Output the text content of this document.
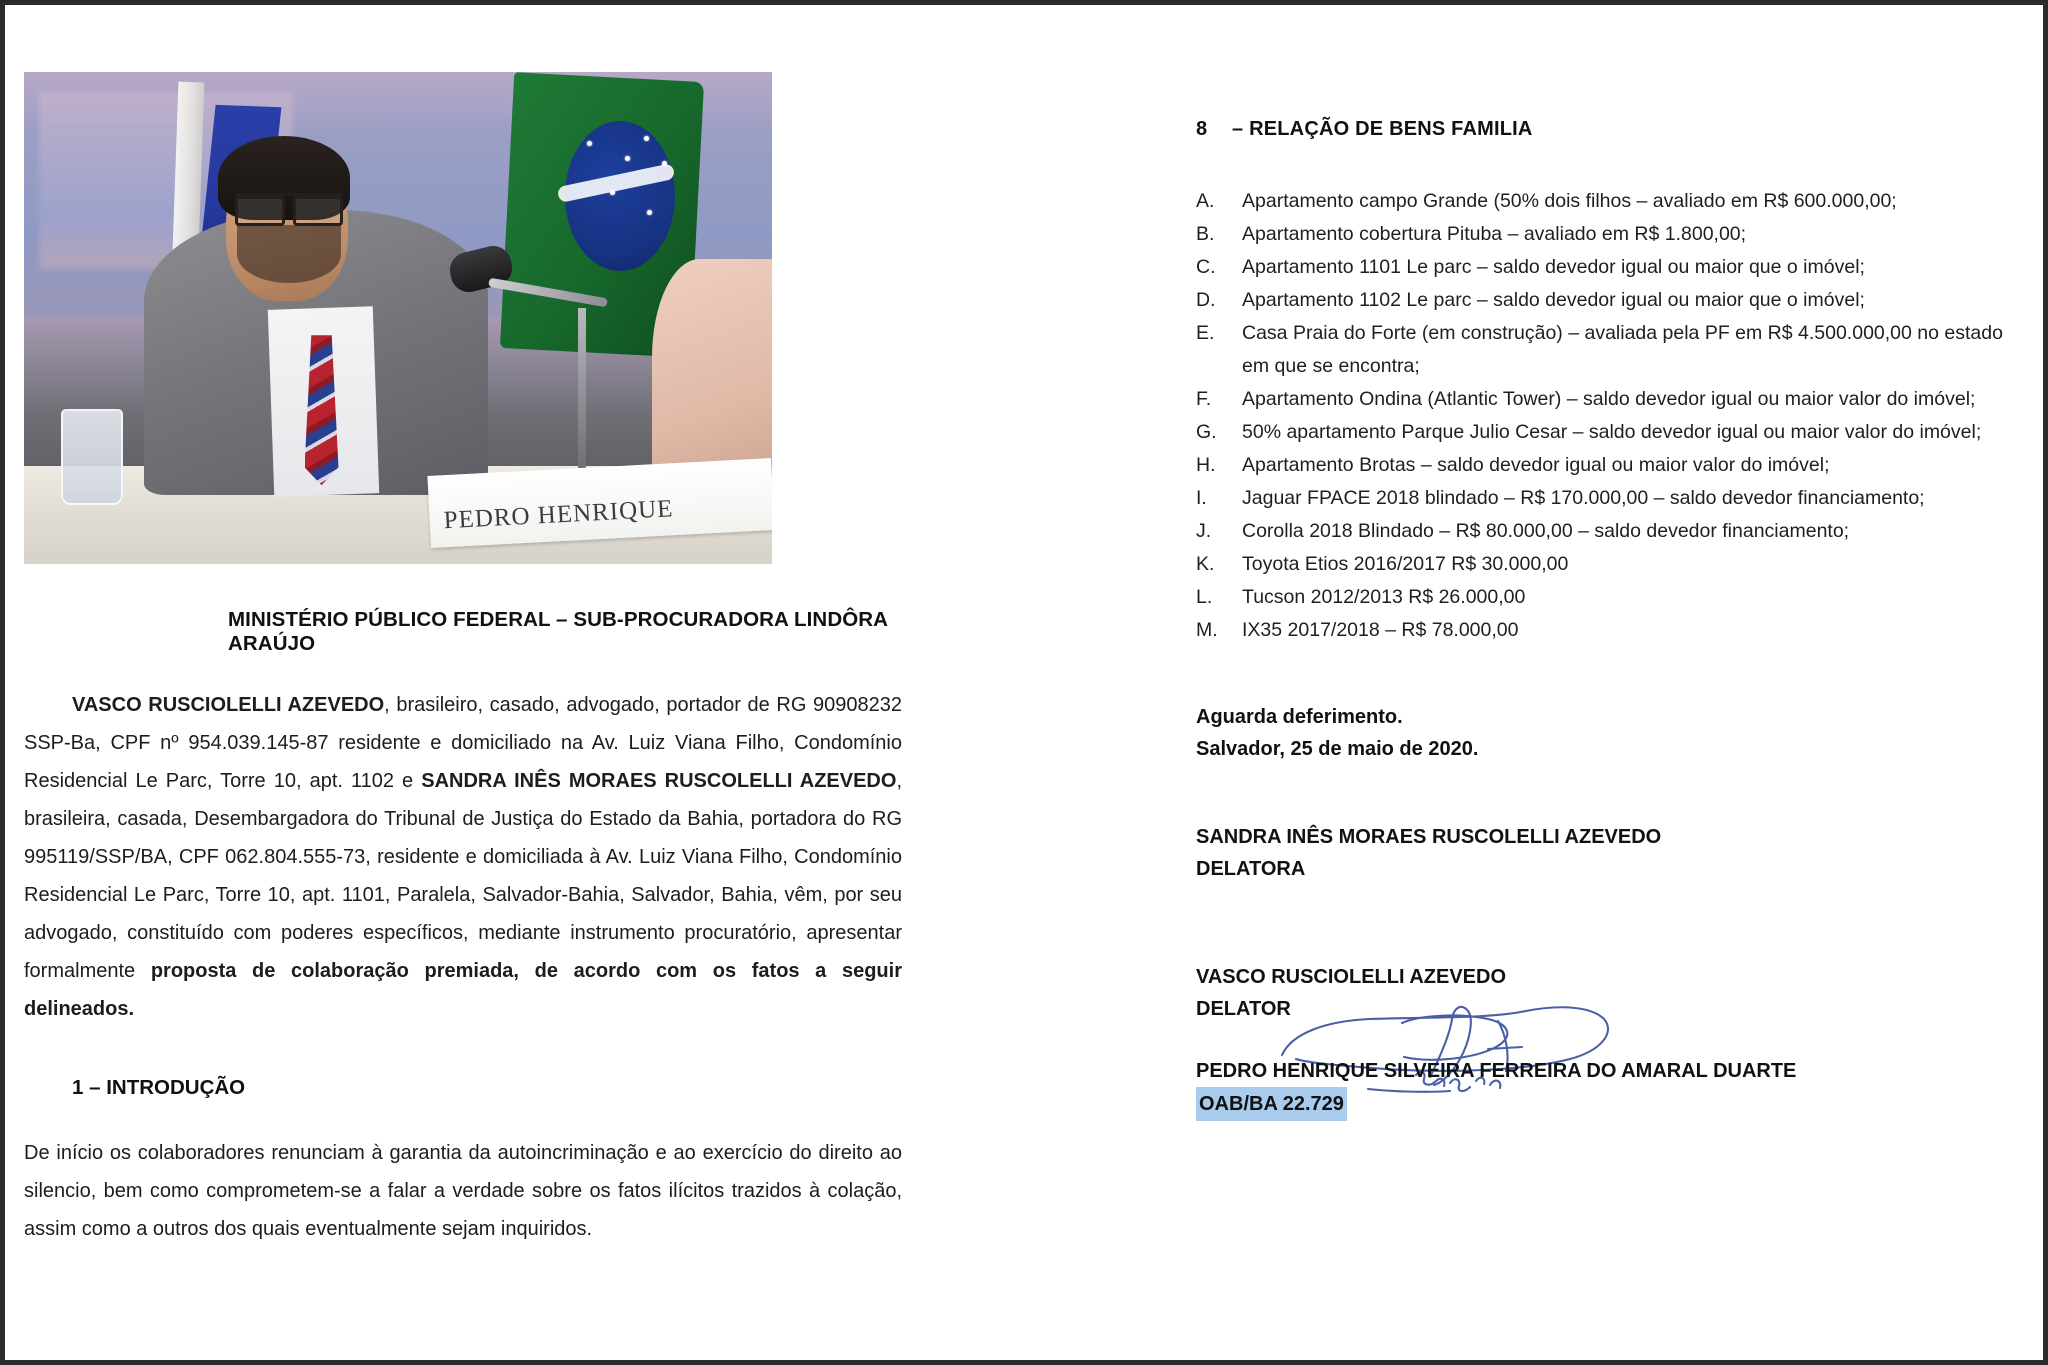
PEDRO HENRIQUE
MINISTÉRIO PÚBLICO FEDERAL – SUB-PROCURADORA LINDÔRA ARAÚJO

VASCO RUSCIOLELLI AZEVEDO, brasileiro, casado, advogado, portador de RG 90908232 SSP-Ba, CPF nº 954.039.145-87 residente e domiciliado na Av. Luiz Viana Filho, Condomínio Residencial Le Parc, Torre 10, apt. 1102 e SANDRA INÊS MORAES RUSCOLELLI AZEVEDO, brasileira, casada, Desembargadora do Tribunal de Justiça do Estado da Bahia, portadora do RG 995119/SSP/BA, CPF 062.804.555-73, residente e domiciliada à Av. Luiz Viana Filho, Condomínio Residencial Le Parc, Torre 10, apt. 1101, Paralela, Salvador-Bahia, Salvador, Bahia, vêm, por seu advogado, constituído com poderes específicos, mediante instrumento procuratório, apresentar formalmente proposta de colaboração premiada, de acordo com os fatos a seguir delineados.

1 – INTRODUÇÃO
De início os colaboradores renunciam à garantia da autoincriminação e ao exercício do direito ao silencio, bem como comprometem-se a falar a verdade sobre os fatos ilícitos trazidos à colação, assim como a outros dos quais eventualmente sejam inquiridos.
8 – RELAÇÃO DE BENS FAMILIA
A.	Apartamento campo Grande (50% dois filhos – avaliado em R$ 600.000,00;
B.	Apartamento cobertura Pituba – avaliado em R$ 1.800,00;
C.	Apartamento 1101 Le parc – saldo devedor igual ou maior que o imóvel;
D.	Apartamento 1102 Le parc – saldo devedor igual ou maior que o imóvel;
E.	Casa Praia do Forte (em construção) – avaliada pela PF em R$ 4.500.000,00 no estado
em que se encontra;
F.	Apartamento Ondina (Atlantic Tower) – saldo devedor igual ou maior valor do imóvel;
G.	50% apartamento Parque Julio Cesar – saldo devedor igual ou maior valor do imóvel;
H.	Apartamento Brotas – saldo devedor igual ou maior valor do imóvel;
I.	Jaguar FPACE 2018 blindado – R$ 170.000,00 – saldo devedor financiamento;
J.	Corolla 2018 Blindado – R$ 80.000,00 – saldo devedor financiamento;
K.	Toyota Etios 2016/2017 R$ 30.000,00
L.	Tucson 2012/2013 R$ 26.000,00
M.	IX35 2017/2018 – R$ 78.000,00
Aguarda deferimento.
Salvador, 25 de maio de 2020.
SANDRA INÊS MORAES RUSCOLELLI AZEVEDO
DELATORA
VASCO RUSCIOLELLI AZEVEDO
DELATOR
PEDRO HENRIQUE SILVEIRA FERREIRA DO AMARAL DUARTE
OAB/BA 22.729
